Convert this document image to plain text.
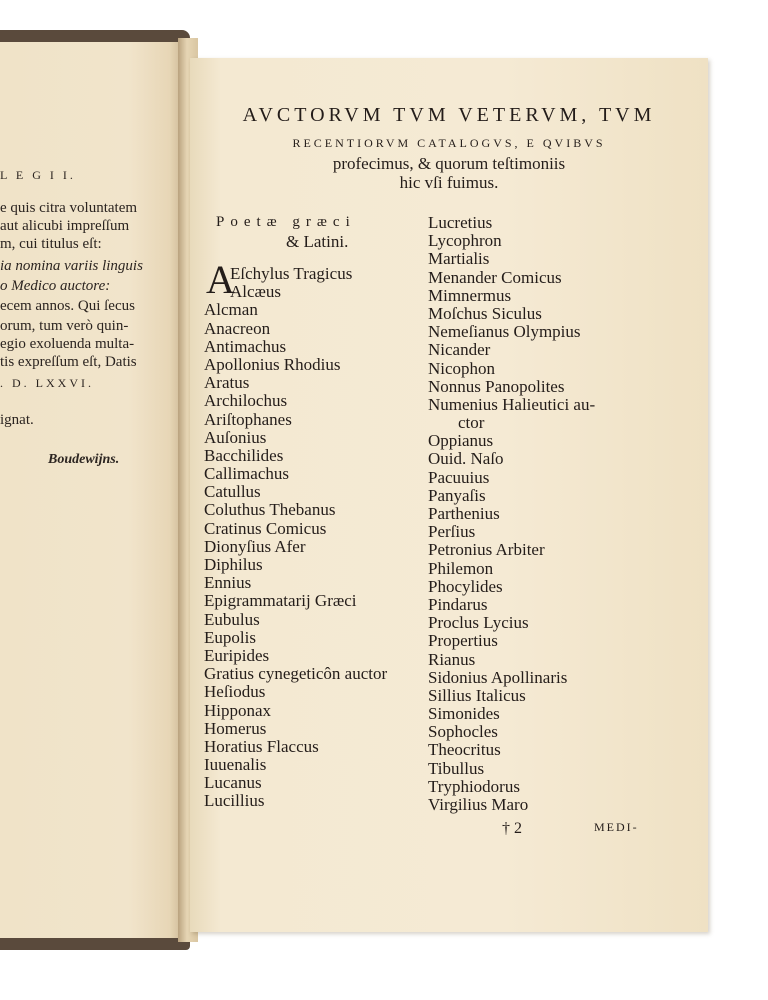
L E G I I.
e quis citra voluntatem
aut alicubi impreſſum
m, cui titulus eſt:
ia nomina variis linguis
o Medico auctore:
ecem annos. Qui ſecus
orum, tum verò quin-
egio exoluenda multa-
tis expreſſum eſt, Datis
. D. LXXVI.
ignat.
Boudewijns.
AVCTORVM TVM VETERVM, TVM
RECENTIORVM CATALOGVS, E QVIBVS
profecimus, & quorum teſtimoniis
hic vſi fuimus.
Poetæ græci
& Latini.
A
Eſchylus Tragicus
Alcæus
Alcman
Anacreon
Antimachus
Apollonius Rhodius
Aratus
Archilochus
Ariſtophanes
Auſonius
Bacchilides
Callimachus
Catullus
Coluthus Thebanus
Cratinus Comicus
Dionyſius Afer
Diphilus
Ennius
Epigrammatarij Græci
Eubulus
Eupolis
Euripides
Gratius cynegeticôn auctor
Heſiodus
Hipponax
Homerus
Horatius Flaccus
Iuuenalis
Lucanus
Lucillius
Lucretius
Lycophron
Martialis
Menander Comicus
Mimnermus
Moſchus Siculus
Nemeſianus Olympius
Nicander
Nicophon
Nonnus Panopolites
Numenius Halieutici au-
ctor
Oppianus
Ouid. Naſo
Pacuuius
Panyaſis
Parthenius
Perſius
Petronius Arbiter
Philemon
Phocylides
Pindarus
Proclus Lycius
Propertius
Rianus
Sidonius Apollinaris
Sillius Italicus
Simonides
Sophocles
Theocritus
Tibullus
Tryphiodorus
Virgilius Maro
† 2	MEDI-
